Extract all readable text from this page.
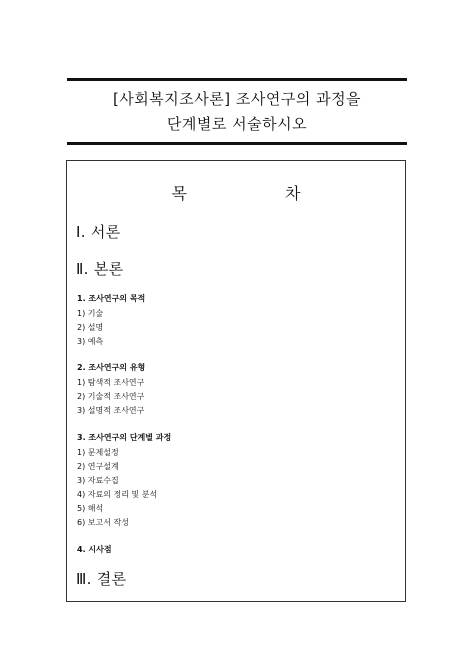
[사회복지조사론] 조사연구의 과정을
단계별로 서술하시오
목	차
Ⅰ. 서론
Ⅱ. 본론
1. 조사연구의 목적
1) 기술
2) 설명
3) 예측
2. 조사연구의 유형
1) 탐색적 조사연구
2) 기술적 조사연구
3) 설명적 조사연구
3. 조사연구의 단계별 과정
1) 문제설정
2) 연구설계
3) 자료수집
4) 자료의 정리 및 분석
5) 해석
6) 보고서 작성
4. 시사점
Ⅲ. 결론
